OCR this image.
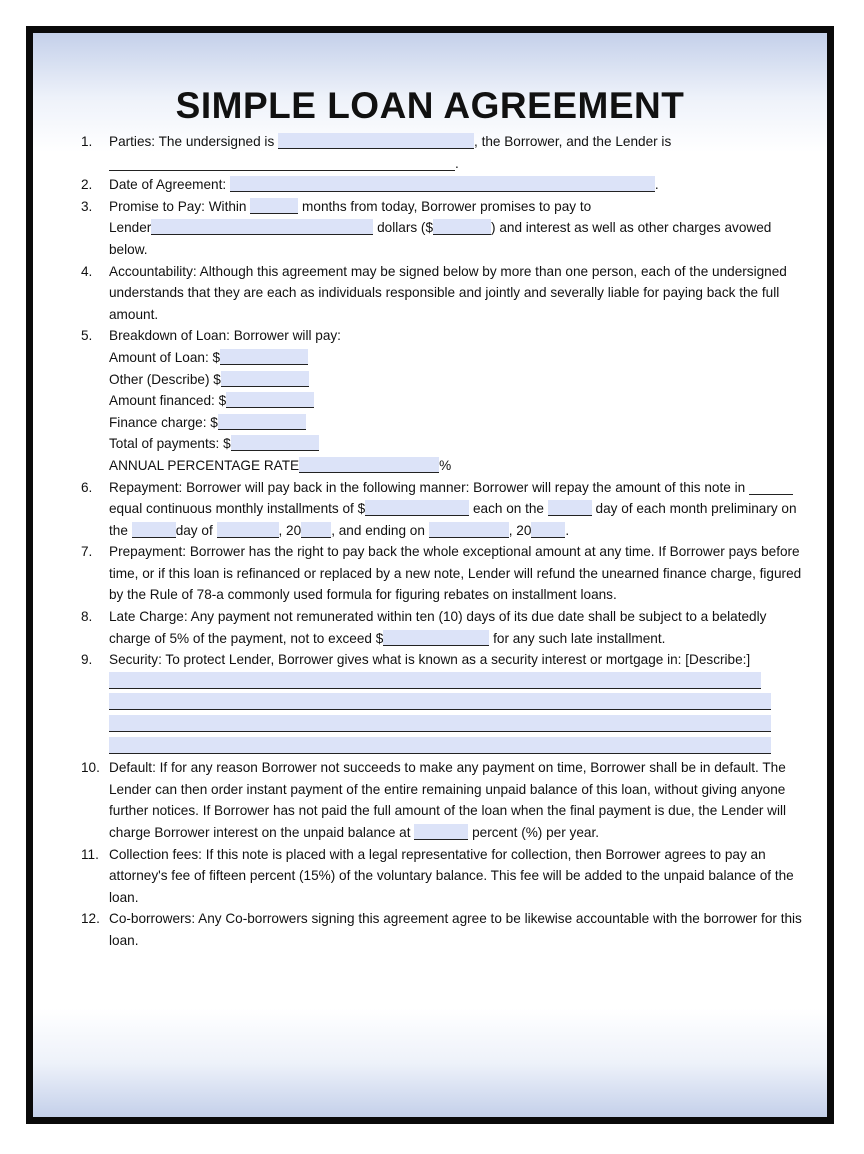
SIMPLE LOAN AGREEMENT
1.	Parties: The undersigned is	, the Borrower, and the Lender is
.
2.	Date of Agreement:	.
3.	Promise to Pay: Within	months from today, Borrower promises to pay to
Lender	dollars ($	) and interest as well as other charges avowed below.
4.	Accountability: Although this agreement may be signed below by more than one person, each of the undersigned understands that they are each as individuals responsible and jointly and severally liable for paying back the full amount.
5.	Breakdown of Loan: Borrower will pay:
Amount of Loan: $
Other (Describe) $
Amount financed: $
Finance charge: $
Total of payments: $
ANNUAL PERCENTAGE RATE	%
6.	Repayment: Borrower will pay back in the following manner: Borrower will repay the amount of this note in equal continuous monthly installments of $	each on the	day of each month preliminary on the	day of	, 20 , and ending on	, 20	.
7.	Prepayment: Borrower has the right to pay back the whole exceptional amount at any time. If Borrower pays before time, or if this loan is refinanced or replaced by a new note, Lender will refund the unearned finance charge, figured by the Rule of 78-a commonly used formula for figuring rebates on installment loans.
8.	Late Charge: Any payment not remunerated within ten (10) days of its due date shall be subject to a belatedly charge of 5% of the payment, not to exceed $	for any such late installment.
9.	Security: To protect Lender, Borrower gives what is known as a security interest or mortgage in: [Describe:]
10. Default: If for any reason Borrower not succeeds to make any payment on time, Borrower shall be in default. The Lender can then order instant payment of the entire remaining unpaid balance of this loan, without giving anyone further notices. If Borrower has not paid the full amount of the loan when the final payment is due, the Lender will charge Borrower interest on the unpaid balance at	percent (%) per year.
11. Collection fees: If this note is placed with a legal representative for collection, then Borrower agrees to pay an attorney's fee of fifteen percent (15%) of the voluntary balance. This fee will be added to the unpaid balance of the loan.
12. Co-borrowers: Any Co-borrowers signing this agreement agree to be likewise accountable with the borrower for this loan.
